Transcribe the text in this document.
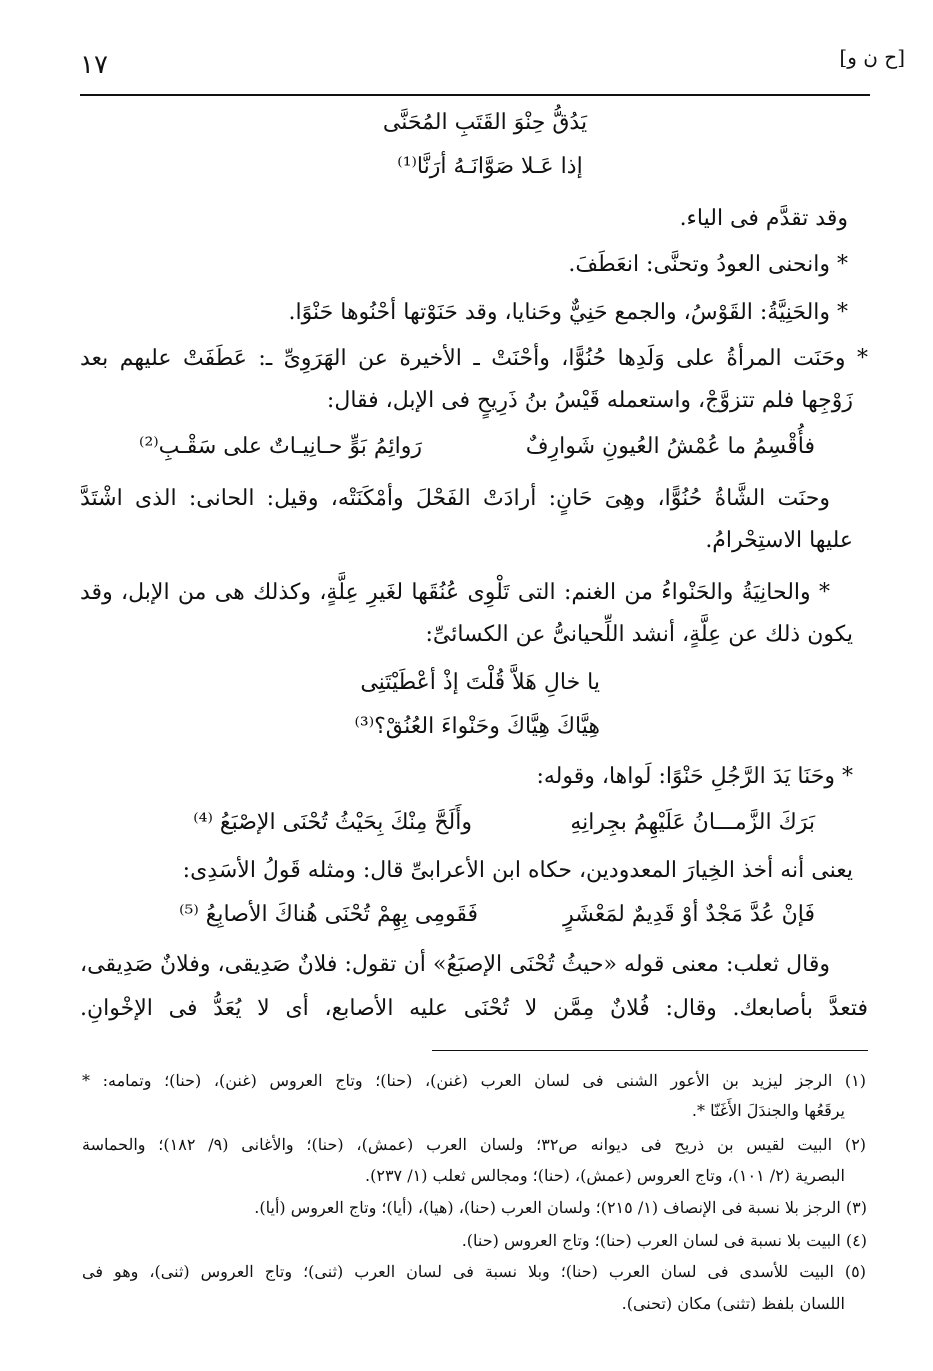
[ح ن و]
١٧
يَدُقُّ حِنْوَ القَتَبِ المُحَنَّى
إذا عَـلا صَوَّانَـهُ أرَنَّا⁽¹⁾
وقد تقدَّم فى الياء.
* وانحنى العودُ وتحنَّى: انعَطَفَ.
* والحَنِيَّةُ: القَوْسُ، والجمع حَنِيٌّ وحَنايا، وقد حَنَوْتها أحْنُوها حَنْوًا.
* وحَنَت المرأةُ على وَلَدِها حُنُوًّا، وأحْنَتْ ـ الأخيرة عن الهَرَوِىِّ ـ: عَطَفَتْ عليهم بعد
زَوْجِها فلم تتزوَّجْ، واستعمله قَيْسُ بنُ ذَرِيحٍ فى الإبل، فقال:
فأُقْسِمُ ما عُمْشُ العُيونِ شَوارِفٌ
رَوائِمُ بَوٍّ حـانِيـاتٌ على سَقْـبِ⁽²⁾
وحنَت الشَّاةُ حُنُوًّا، وهِىَ حَانٍ: أرادَتْ الفَحْلَ وأمْكَنَتْه، وقيل: الحانى: الذى اشْتَدَّ
عليها الاستِحْرامُ.
* والحانِيَةُ والحَنْواءُ من الغنم: التى تَلْوِى عُنُقَها لغَيرِ عِلَّةٍ، وكذلك هى من الإبل، وقد
يكون ذلك عن عِلَّةٍ، أنشد اللِّحيانىُّ عن الكسائىِّ:
يا خالِ هَلاَّ قُلْتَ إذْ أعْطَيْتَنِى
هِيَّاكَ هِيَّاكَ وحَنْواءَ العُنُقْ؟⁽³⁾
* وحَنَا يَدَ الرَّجُلِ حَنْوًا: لَواها، وقوله:
بَرَكَ الزَّمـــانُ عَلَيْهِمُ بجِرانِهِ
وأَلَحَّ مِنْكَ بِحَيْثُ تُحْنَى الإصْبَعُ ⁽⁴⁾
يعنى أنه أخذ الخِيارَ المعدودين، حكاه ابن الأعرابىِّ قال: ومثله قَولُ الأسَدِى:
فَإنْ عُدَّ مَجْدٌ أوْ قَدِيمٌ لمَعْشَرٍ
فَقَومِى بِهِمْ تُحْنَى هُناكَ الأصابِعُ ⁽⁵⁾
وقال ثعلب: معنى قوله «حيثُ تُحْنَى الإصبَعُ» أن تقول: فلانٌ صَدِيقى، وفلانٌ صَدِيقى،
فتعدَّ بأصابعك. وقال: فُلانٌ مِمَّن لا تُحْنَى عليه الأصابع، أى لا يُعَدُّ فى الإخْوانِ.
(١) الرجز ليزيد بن الأعور الشنى فى لسان العرب (غنن)، (حنا)؛ وتاج العروس (غنن)، (حنا)؛ وتمامه: *
يرقَعُها والجندَلَ الأَغَنّا *.
(٢) البيت لقيس بن ذريح فى ديوانه ص٣٢؛ ولسان العرب (عمش)، (حنا)؛ والأغانى (٩/ ١٨٢)؛ والحماسة
البصرية (٢/ ١٠١)، وتاج العروس (عمش)، (حنا)؛ ومجالس ثعلب (١/ ٢٣٧).
(٣) الرجز بلا نسبة فى الإنصاف (١/ ٢١٥)؛ ولسان العرب (حنا)، (هيا)، (أيا)؛ وتاج العروس (أيا).
(٤) البيت بلا نسبة فى لسان العرب (حنا)؛ وتاج العروس (حنا).
(٥) البيت للأسدى فى لسان العرب (حنا)؛ وبلا نسبة فى لسان العرب (ثنى)؛ وتاج العروس (ثنى)، وهو فى
اللسان بلفظ (تثنى) مكان (تحنى).
